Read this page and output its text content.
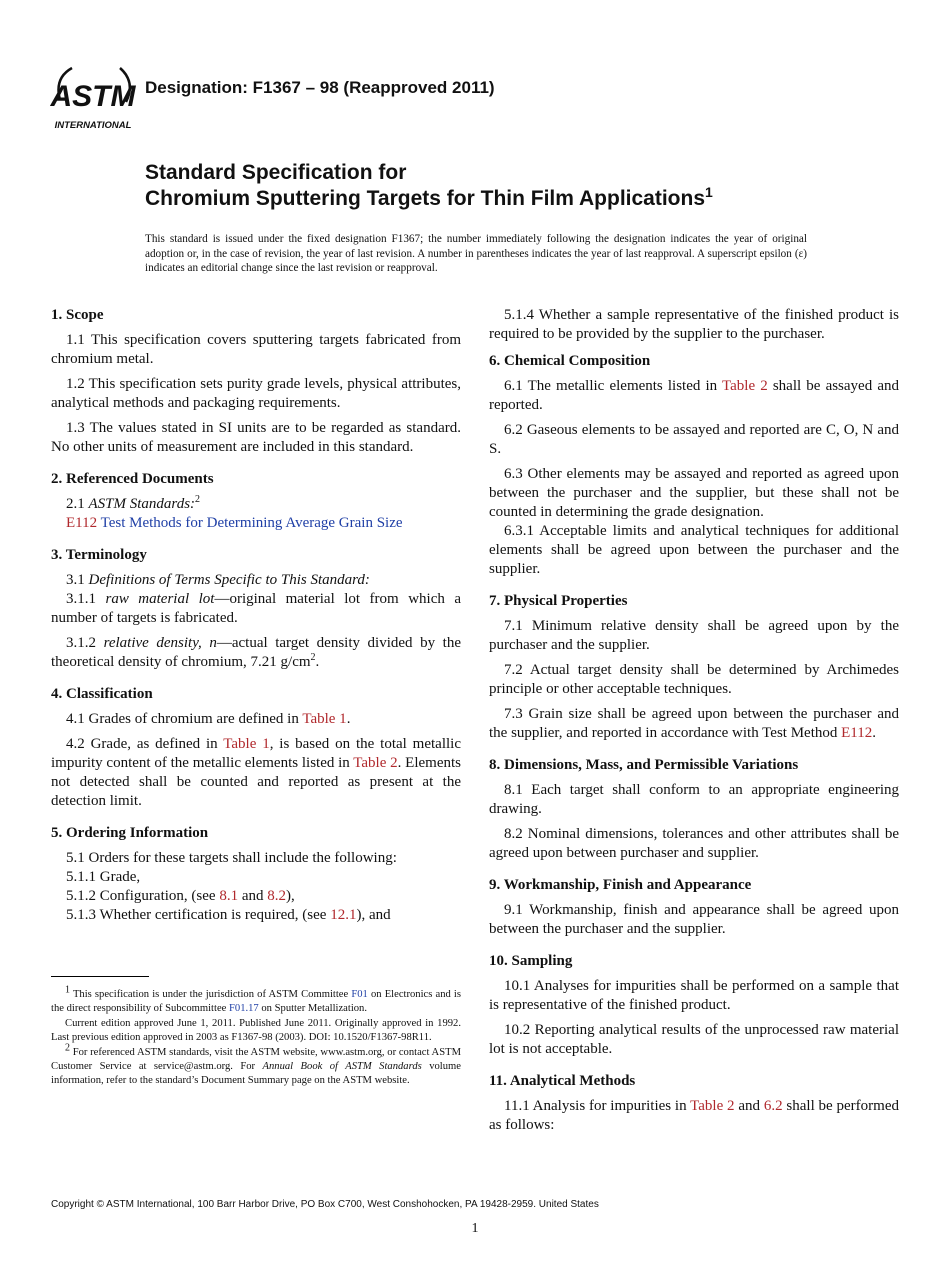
ASTM
INTERNATIONAL
Designation: F1367 – 98 (Reapproved 2011)
Standard Specification for
Chromium Sputtering Targets for Thin Film Applications$^1$
This standard is issued under the fixed designation F1367; the number immediately following the designation indicates the year of original adoption or, in the case of revision, the year of last revision. A number in parentheses indicates the year of last reapproval. A superscript epsilon (ε) indicates an editorial change since the last revision or reapproval.
1. Scope

1.1 This specification covers sputtering targets fabricated from chromium metal.

1.2 This specification sets purity grade levels, physical attributes, analytical methods and packaging requirements.

1.3 The values stated in SI units are to be regarded as standard. No other units of measurement are included in this standard.

2. Referenced Documents

2.1 ASTM Standards:$^2$

E112 Test Methods for Determining Average Grain Size

3. Terminology

3.1 Definitions of Terms Specific to This Standard:

3.1.1 raw material lot—original material lot from which a number of targets is fabricated.

3.1.2 relative density, n—actual target density divided by the theoretical density of chromium, 7.21 $g/cm^2$.

4. Classification

4.1 Grades of chromium are defined in Table 1.

4.2 Grade, as defined in Table 1, is based on the total metallic impurity content of the metallic elements listed in Table 2. Elements not detected shall be counted and reported as present at the detection limit.

5. Ordering Information

5.1 Orders for these targets shall include the following:

5.1.1 Grade,

5.1.2 Configuration, (see 8.1 and 8.2),

5.1.3 Whether certification is required, (see 12.1), and

$^1$ This specification is under the jurisdiction of ASTM Committee F01 on Electronics and is the direct responsibility of Subcommittee F01.17 on Sputter Metallization.

Current edition approved June 1, 2011. Published June 2011. Originally approved in 1992. Last previous edition approved in 2003 as F1367-98 (2003). DOI: 10.1520/F1367-98R11.

$^2$ For referenced ASTM standards, visit the ASTM website, www.astm.org, or contact ASTM Customer Service at service@astm.org. For Annual Book of ASTM Standards volume information, refer to the standard’s Document Summary page on the ASTM website.

5.1.4 Whether a sample representative of the finished product is required to be provided by the supplier to the purchaser.

6. Chemical Composition

6.1 The metallic elements listed in Table 2 shall be assayed and reported.

6.2 Gaseous elements to be assayed and reported are C, O, N and S.

6.3 Other elements may be assayed and reported as agreed upon between the purchaser and the supplier, but these shall not be counted in determining the grade designation.

6.3.1 Acceptable limits and analytical techniques for additional elements shall be agreed upon between the purchaser and the supplier.

7. Physical Properties

7.1 Minimum relative density shall be agreed upon by the purchaser and the supplier.

7.2 Actual target density shall be determined by Archimedes principle or other acceptable techniques.

7.3 Grain size shall be agreed upon between the purchaser and the supplier, and reported in accordance with Test Method E112.

8. Dimensions, Mass, and Permissible Variations

8.1 Each target shall conform to an appropriate engineering drawing.

8.2 Nominal dimensions, tolerances and other attributes shall be agreed upon between purchaser and supplier.

9. Workmanship, Finish and Appearance

9.1 Workmanship, finish and appearance shall be agreed upon between the purchaser and the supplier.

10. Sampling

10.1 Analyses for impurities shall be performed on a sample that is representative of the finished product.

10.2 Reporting analytical results of the unprocessed raw material lot is not acceptable.

11. Analytical Methods

11.1 Analysis for impurities in Table 2 and 6.2 shall be performed as follows:

Copyright © ASTM International, 100 Barr Harbor Drive, PO Box C700, West Conshohocken, PA 19428-2959. United States
1
